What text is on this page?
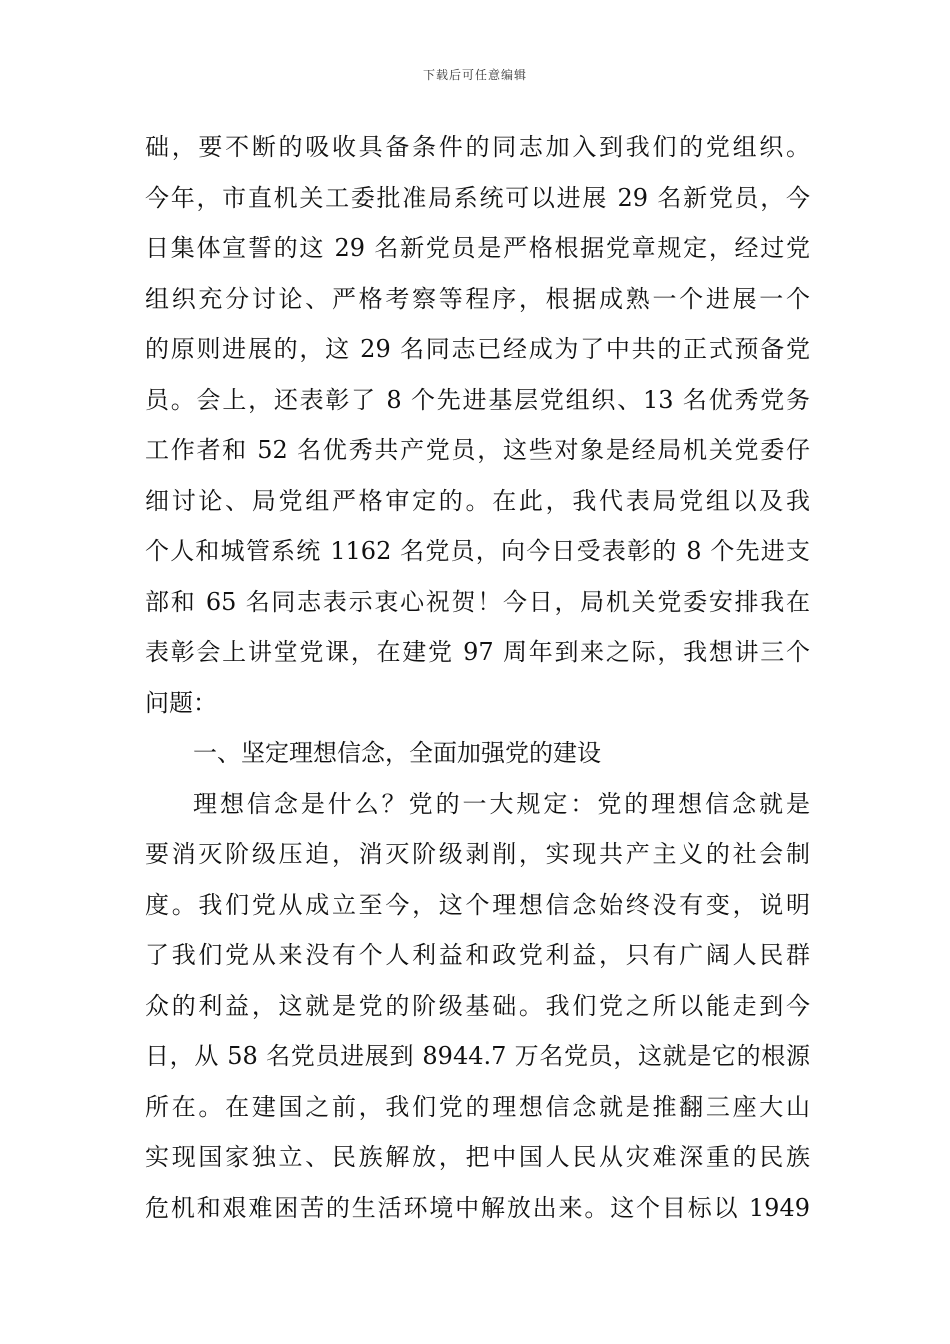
下载后可任意编辑
础，要不断的吸收具备条件的同志加入到我们的党组织。
今年，市直机关工委批准局系统可以进展 29 名新党员，今
日集体宣誓的这 29 名新党员是严格根据党章规定，经过党
组织充分讨论、严格考察等程序，根据成熟一个进展一个
的原则进展的，这 29 名同志已经成为了中共的正式预备党
员。会上，还表彰了 8 个先进基层党组织、13 名优秀党务
工作者和 52 名优秀共产党员，这些对象是经局机关党委仔
细讨论、局党组严格审定的。在此，我代表局党组以及我
个人和城管系统 1162 名党员，向今日受表彰的 8 个先进支
部和 65 名同志表示衷心祝贺！今日，局机关党委安排我在
表彰会上讲堂党课，在建党 97 周年到来之际，我想讲三个
问题：
一、坚定理想信念，全面加强党的建设
理想信念是什么？党的一大规定：党的理想信念就是
要消灭阶级压迫，消灭阶级剥削，实现共产主义的社会制
度。我们党从成立至今，这个理想信念始终没有变，说明
了我们党从来没有个人利益和政党利益，只有广阔人民群
众的利益，这就是党的阶级基础。我们党之所以能走到今
日，从 58 名党员进展到 8944.7 万名党员，这就是它的根源
所在。在建国之前，我们党的理想信念就是推翻三座大山
实现国家独立、民族解放，把中国人民从灾难深重的民族
危机和艰难困苦的生活环境中解放出来。这个目标以 1949
